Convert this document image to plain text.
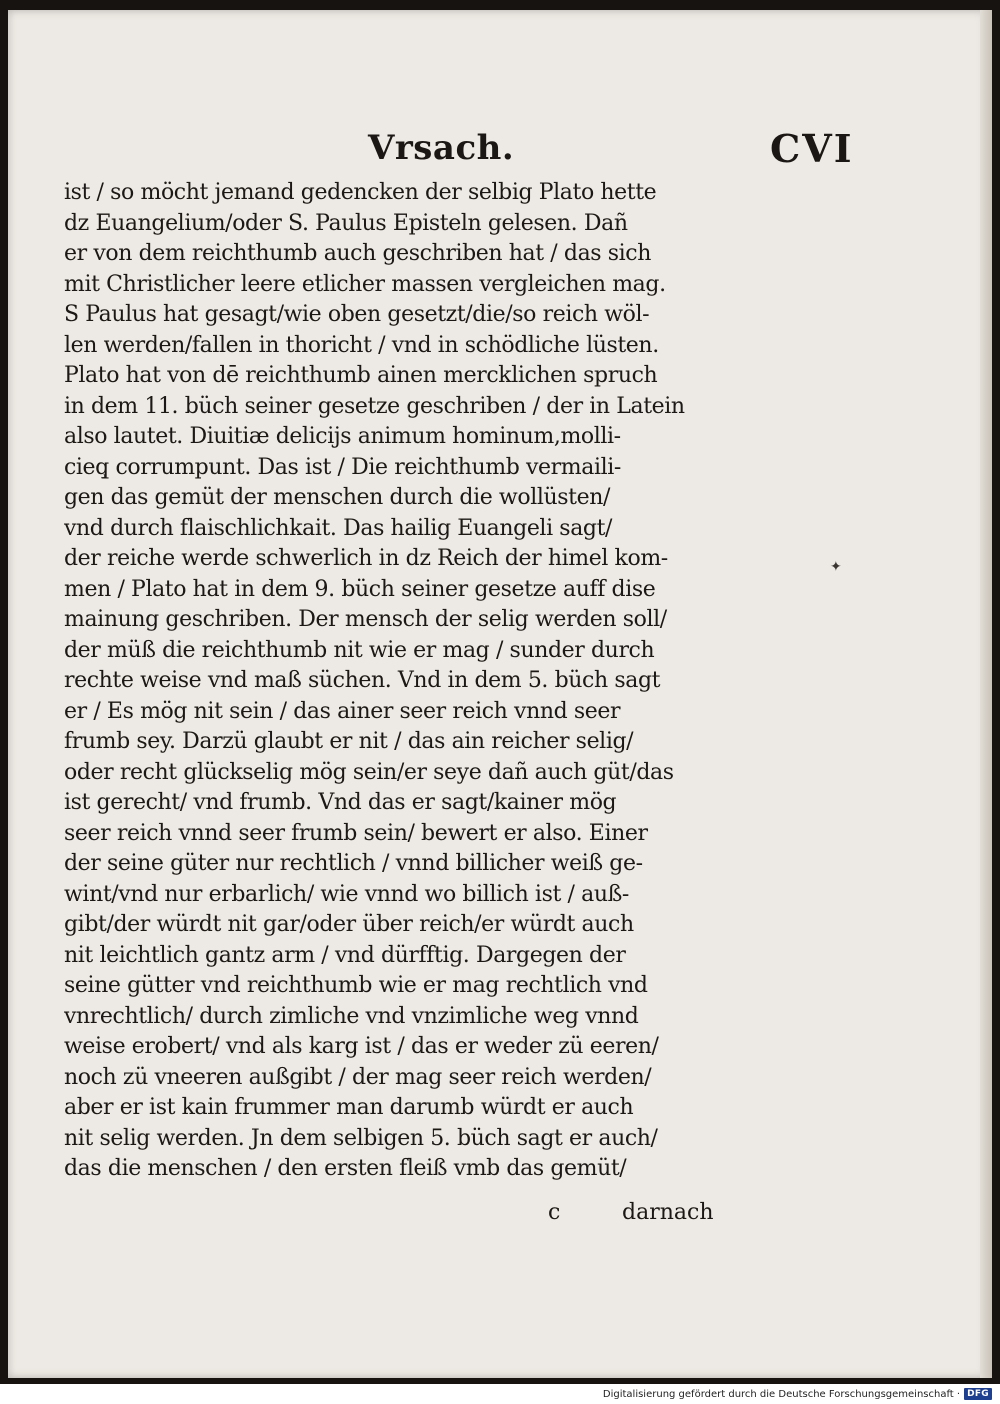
Vrsach.	CVI
ist / so möcht jemand gedencken der selbig Plato hette
dz Euangelium/oder S. Paulus Episteln gelesen. Dañ
er von dem reichthumb auch geschriben hat / das sich
mit Christlicher leere etlicher massen vergleichen mag.
S Paulus hat gesagt/wie oben gesetzt/die/so reich wöl‑
len werden/fallen in thoricht / vnd in schödliche lüsten.
Plato hat von dē reichthumb ainen mercklichen spruch
in dem 11. büch seiner gesetze geschriben / der in Latein
also lautet. Diuitiæ delicijs animum hominum,molli‑
cieq̧ corrumpunt. Das ist / Die reichthumb vermaili‑
gen das gemüt der menschen durch die wollüsten/
vnd durch flaischlichkait. Das hailig Euangeli sagt/
der reiche werde schwerlich in dz Reich der himel kom‑
men / Plato hat in dem 9. büch seiner gesetze auff dise
mainung geschriben. Der mensch der selig werden soll/
der müß die reichthumb nit wie er mag / sunder durch
rechte weise vnd maß süchen. Vnd in dem 5. büch sagt
er / Es mög nit sein / das ainer seer reich vnnd seer
frumb sey. Darzü glaubt er nit / das ain reicher selig/
oder recht glückselig mög sein/er seye dañ auch güt/das
ist gerecht/ vnd frumb. Vnd das er sagt/kainer mög
seer reich vnnd seer frumb sein/ bewert er also. Einer
der seine güter nur rechtlich / vnnd billicher weiß ge‑
wint/vnd nur erbarlich/ wie vnnd wo billich ist / auß‑
gibt/der würdt nit gar/oder über reich/er würdt auch
nit leichtlich gantz arm / vnd dürfftig. Dargegen der
seine gütter vnd reichthumb wie er mag rechtlich vnd
vnrechtlich/ durch zimliche vnd vnzimliche weg vnnd
weise erobert/ vnd als karg ist / das er weder zü eeren/
noch zü vneeren außgibt / der mag seer reich werden/
aber er ist kain frummer man darumb würdt er auch
nit selig werden. Jn dem selbigen 5. büch sagt er auch/
das die menschen / den ersten fleiß vmb das gemüt/
✦
c	darnach
Digitalisierung gefördert durch die Deutsche Forschungsgemeinschaft · DFG
